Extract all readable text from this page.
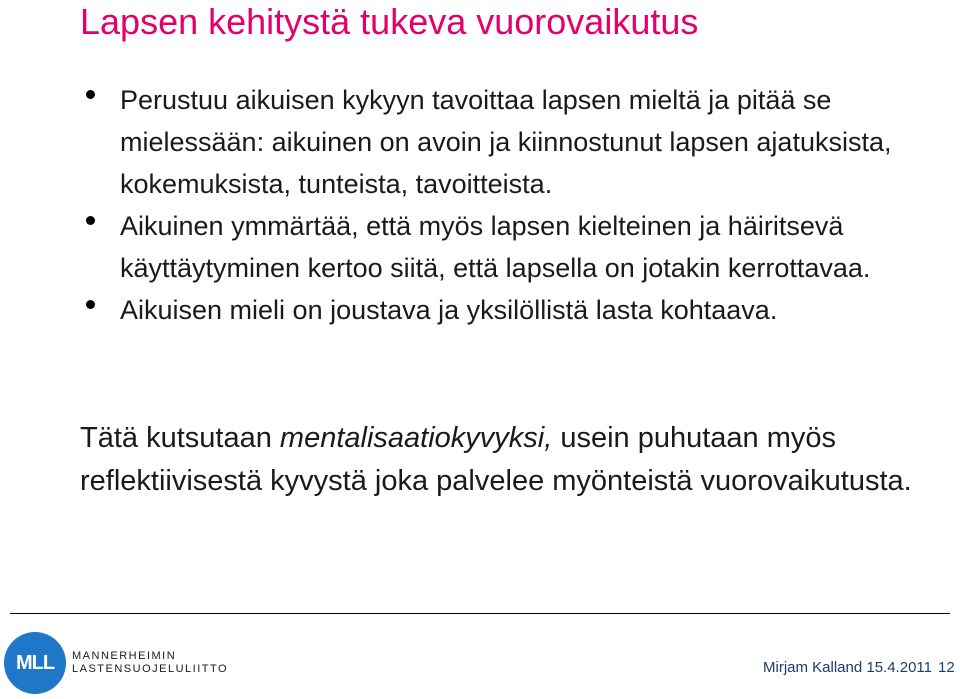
Lapsen kehitystä tukeva vuorovaikutus
Perustuu aikuisen kykyyn tavoittaa lapsen mieltä ja pitää se mielessään: aikuinen on avoin ja kiinnostunut lapsen ajatuksista, kokemuksista, tunteista, tavoitteista.
Aikuinen ymmärtää, että myös lapsen kielteinen ja häiritsevä käyttäytyminen kertoo siitä, että lapsella on jotakin kerrottavaa.
Aikuisen mieli on joustava ja yksilöllistä lasta kohtaava.

Tätä kutsutaan mentalisaatiokyvyksi, usein puhutaan myös reflektiivisestä kyvystä joka palvelee myönteistä vuorovaikutusta.

MLL	MANNERHEIMIN
LASTENSUOJELULIITTO	Mirjam Kalland 15.4.2011 12
